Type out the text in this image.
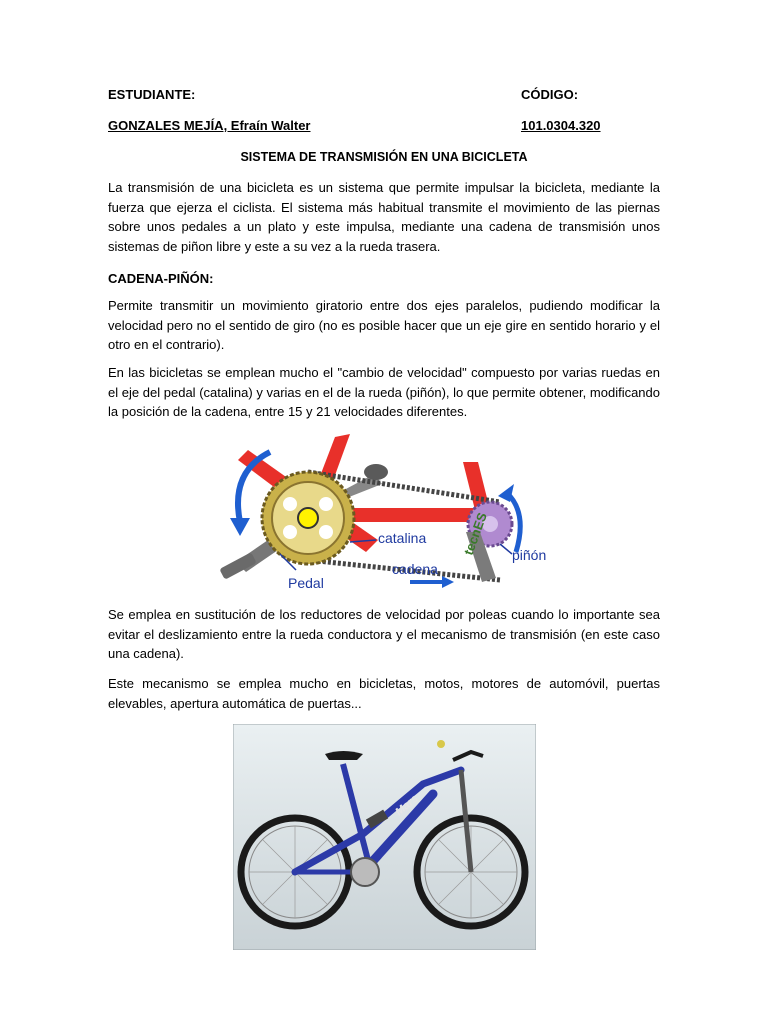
ESTUDIANTE:	CÓDIGO:
GONZALES MEJÍA, Efraín Walter	101.0304.320
SISTEMA DE TRANSMISIÓN EN UNA BICICLETA

La transmisión de una bicicleta es un sistema que permite impulsar la bicicleta, mediante la fuerza que ejerza el ciclista. El sistema más habitual transmite el movimiento de las piernas sobre unos pedales a un plato y este impulsa, mediante una cadena de transmisión unos sistemas de piñon libre y este a su vez a la rueda trasera.

CADENA-PIÑÓN:

Permite transmitir un movimiento giratorio entre dos ejes paralelos, pudiendo modificar la velocidad pero no el sentido de giro (no es posible hacer que un eje gire en sentido horario y el otro en el contrario).

En las bicicletas se emplean mucho el "cambio de velocidad" compuesto por varias ruedas en el eje del pedal (catalina) y varias en el de la rueda (piñón), lo que permite obtener, modificando la posición de la cadena, entre 15 y 21 velocidades diferentes.

tecnES
catalina
cadena
Pedal
piñón

Se emplea en sustitución de los reductores de velocidad por poleas cuando lo importante sea evitar el deslizamiento entre la rueda conductora y el mecanismo de transmisión (en este caso una cadena).

Este mecanismo se emplea mucho en bicicletas, motos, motores de automóvil, puertas elevables, apertura automática de puertas...

Mars
